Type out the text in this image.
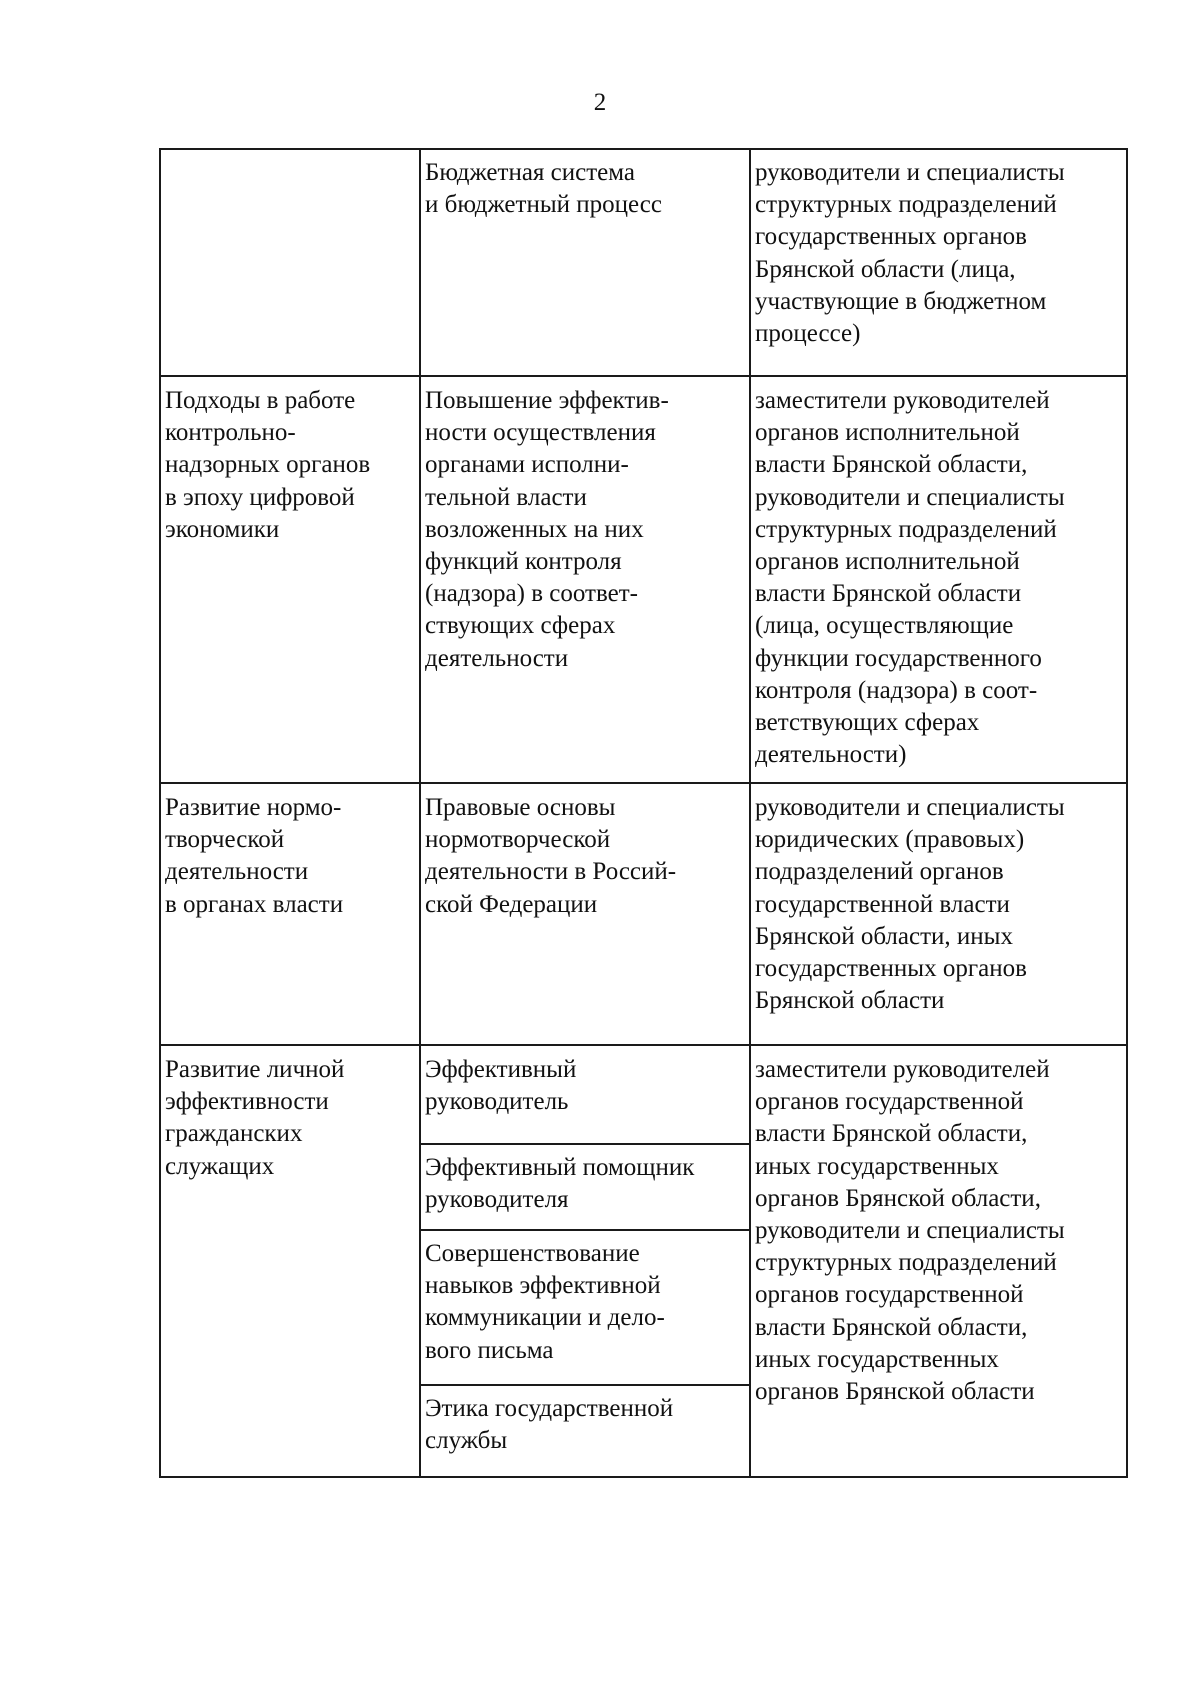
2
Бюджетная система
и бюджетный процесс
руководители и специалисты
структурных подразделений
государственных органов
Брянской области (лица,
участвующие в бюджетном
процессе)
Подходы в работе
контрольно-
надзорных органов
в эпоху цифровой
экономики
Повышение эффектив-
ности осуществления
органами исполни-
тельной власти
возложенных на них
функций контроля
(надзора) в соответ-
ствующих сферах
деятельности
заместители руководителей
органов исполнительной
власти Брянской области,
руководители и специалисты
структурных подразделений
органов исполнительной
власти Брянской области
(лица, осуществляющие
функции государственного
контроля (надзора) в соот-
ветствующих сферах
деятельности)
Развитие нормо-
творческой
деятельности
в органах власти
Правовые основы
нормотворческой
деятельности в Россий-
ской Федерации
руководители и специалисты
юридических (правовых)
подразделений органов
государственной власти
Брянской области, иных
государственных органов
Брянской области
Развитие личной
эффективности
гражданских
служащих
Эффективный
руководитель
Эффективный помощник
руководителя
Совершенствование
навыков эффективной
коммуникации и делο-
вого письма
Этика государственной
службы
заместители руководителей
органов государственной
власти Брянской области,
иных государственных
органов Брянской области,
руководители и специалисты
структурных подразделений
органов государственной
власти Брянской области,
иных государственных
органов Брянской области
